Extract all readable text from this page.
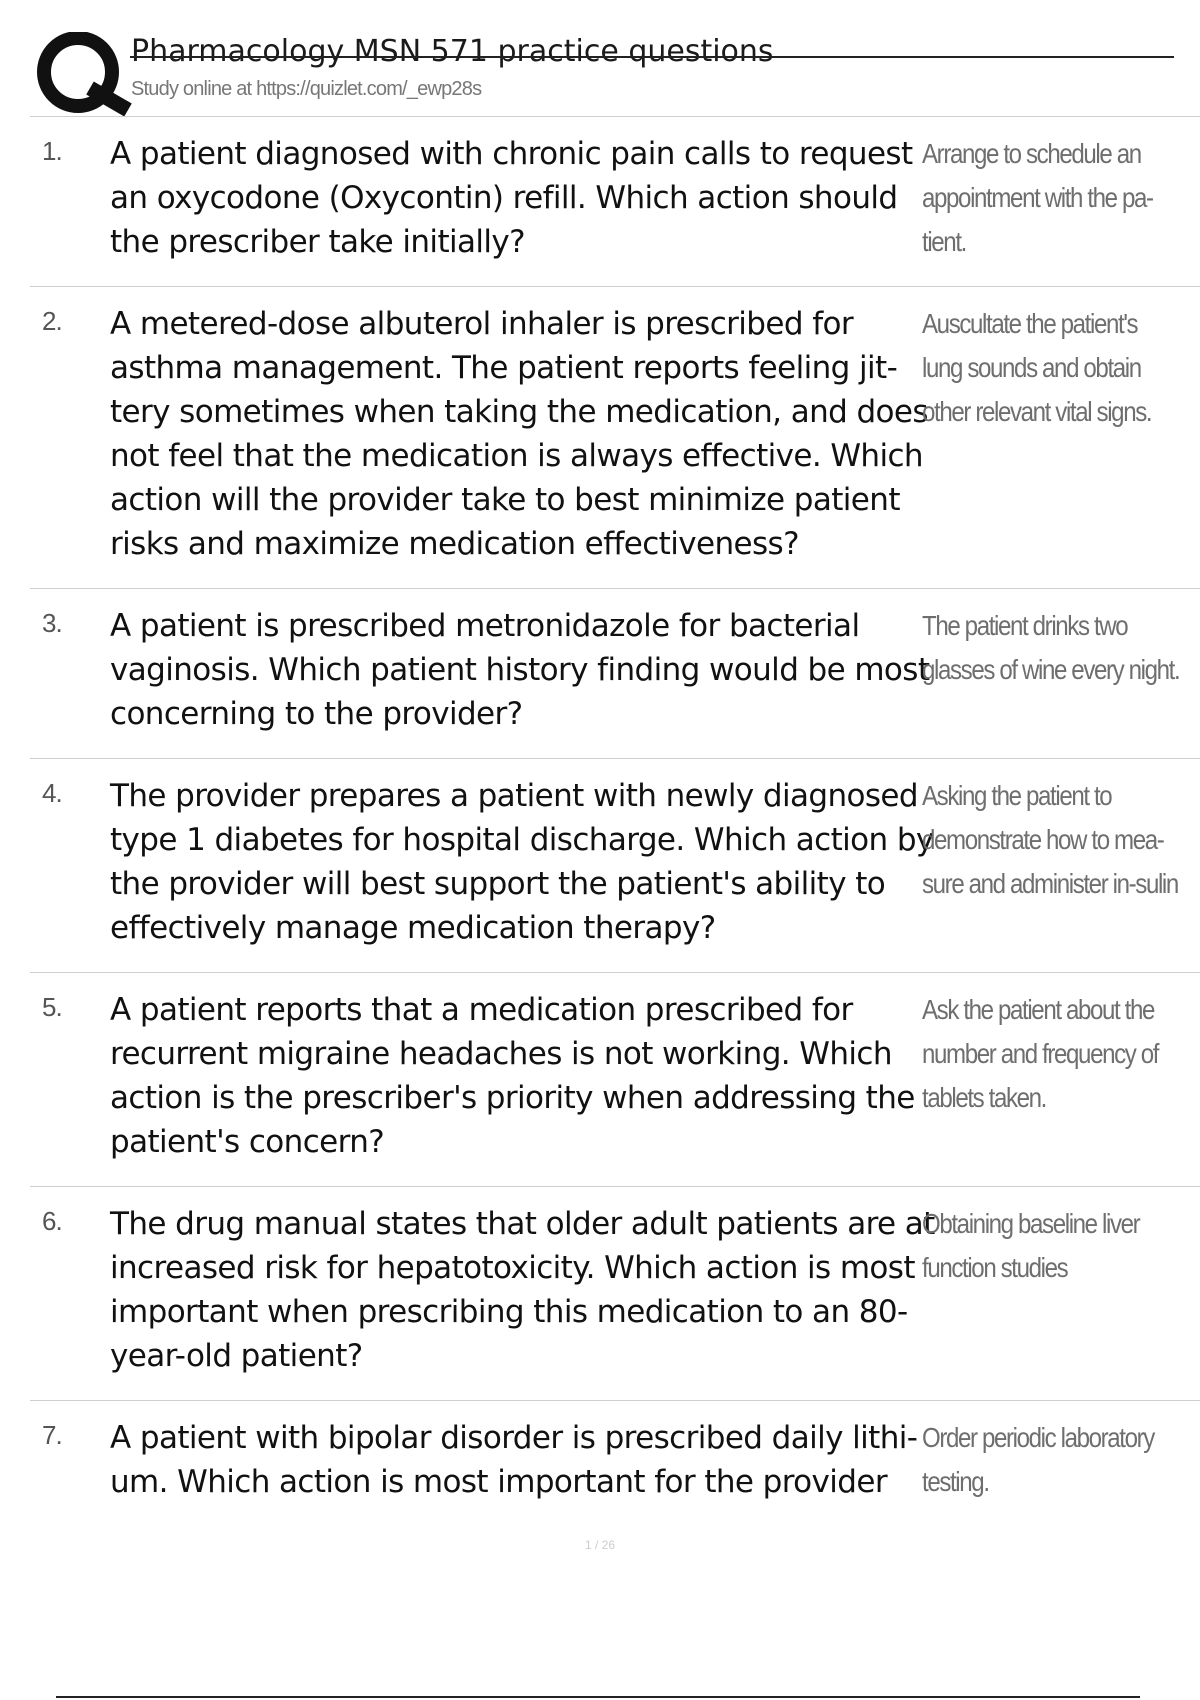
Pharmacology MSN 571 practice questions
Study online at https://quizlet.com/_ewp28s
1. A patient diagnosed with chronic pain calls to request an oxycodone (Oxycontin) refill. Which action should the prescriber take initially?
Arrange to schedule an appointment with the pa-tient.
2. A metered-dose albuterol inhaler is prescribed for asthma management. The patient reports feeling jit-tery sometimes when taking the medication, and does not feel that the medication is always effective. Which action will the provider take to best minimize patient risks and maximize medication effectiveness?
Auscultate the patient's lung sounds and obtain other relevant vital signs.
3. A patient is prescribed metronidazole for bacterial vaginosis. Which patient history finding would be most concerning to the provider?
The patient drinks two glasses of wine every night.
4. The provider prepares a patient with newly diagnosed type 1 diabetes for hospital discharge. Which action by the provider will best support the patient's ability to effectively manage medication therapy?
Asking the patient to demonstrate how to mea-sure and administer in-sulin
5. A patient reports that a medication prescribed for recurrent migraine headaches is not working. Which action is the prescriber's priority when addressing the patient's concern?
Ask the patient about the number and frequency of tablets taken.
6. The drug manual states that older adult patients are at increased risk for hepatotoxicity. Which action is most important when prescribing this medication to an 80-year-old patient?
Obtaining baseline liver function studies
7. A patient with bipolar disorder is prescribed daily lithi-um. Which action is most important for the provider
Order periodic laboratory testing.
1 / 26
